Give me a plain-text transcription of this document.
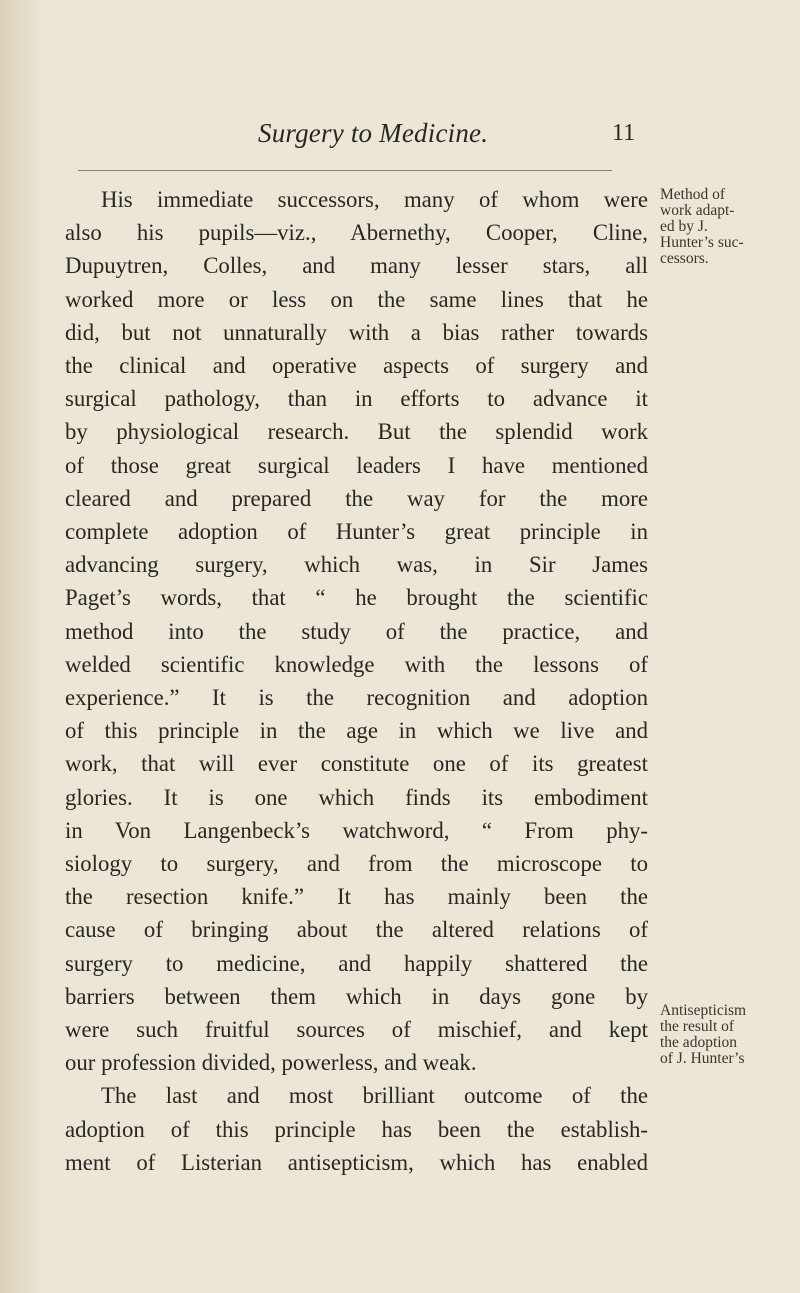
Surgery to Medicine.	11
His immediate successors, many of whom were
also his pupils—viz., Abernethy, Cooper, Cline,
Dupuytren, Colles, and many lesser stars, all
worked more or less on the same lines that he
did, but not unnaturally with a bias rather towards
the clinical and operative aspects of surgery and
surgical pathology, than in efforts to advance it
by physiological research. But the splendid work
of those great surgical leaders I have mentioned
cleared and prepared the way for the more
complete adoption of Hunter’s great principle in
advancing surgery, which was, in Sir James
Paget’s words, that “ he brought the scientific
method into the study of the practice, and
welded scientific knowledge with the lessons of
experience.” It is the recognition and adoption
of this principle in the age in which we live and
work, that will ever constitute one of its greatest
glories. It is one which finds its embodiment
in Von Langenbeck’s watchword, “ From phy-
siology to surgery, and from the microscope to
the resection knife.” It has mainly been the
cause of bringing about the altered relations of
surgery to medicine, and happily shattered the
barriers between them which in days gone by
were such fruitful sources of mischief, and kept
our profession divided, powerless, and weak.
The last and most brilliant outcome of the
adoption of this principle has been the establish-
ment of Listerian antisepticism, which has enabled
Method of
work adapt-
ed by J.
Hunter’s suc-
cessors.
Antisepticism
the result of
the adoption
of J. Hunter’s
